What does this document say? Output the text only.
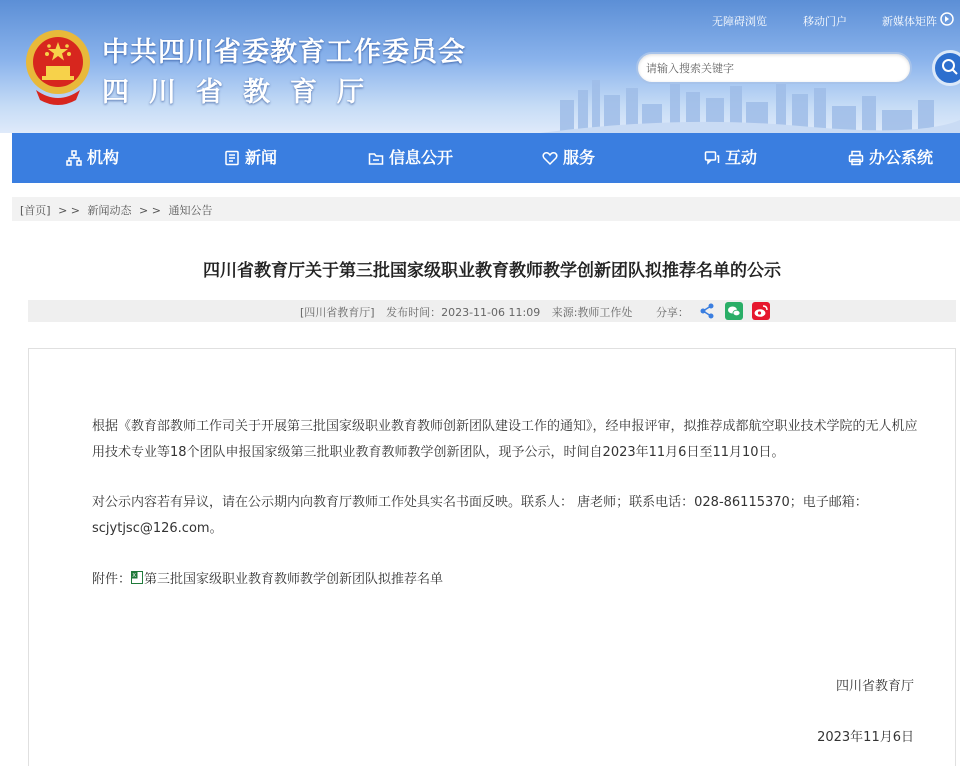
中共四川省委教育工作委员会
四川省教育厅
无障碍浏览	移动门户	新媒体矩阵
请输入搜索关键字
机构	新闻	信息公开	服务	互动	办公系统
[首页] > > 新闻动态 > > 通知公告
四川省教育厅关于第三批国家级职业教育教师教学创新团队拟推荐名单的公示
[四川省教育厅] 发布时间：2023-11-06 11:09 来源:教师工作处 分享：
根据《教育部教师工作司关于开展第三批国家级职业教育教师创新团队建设工作的通知》，经申报评审，拟推荐成都航空职业技术学院的无人机应用技术专业等18个团队申报国家级第三批职业教育教师教学创新团队，现予公示，时间自2023年11月6日至11月10日。
对公示内容若有异议，请在公示期内向教育厅教师工作处具实名书面反映。联系人： 唐老师；联系电话：028-86115370；电子邮箱：scjytjsc@126.com。
附件： X 第三批国家级职业教育教师教学创新团队拟推荐名单
四川省教育厅
2023年11月6日
